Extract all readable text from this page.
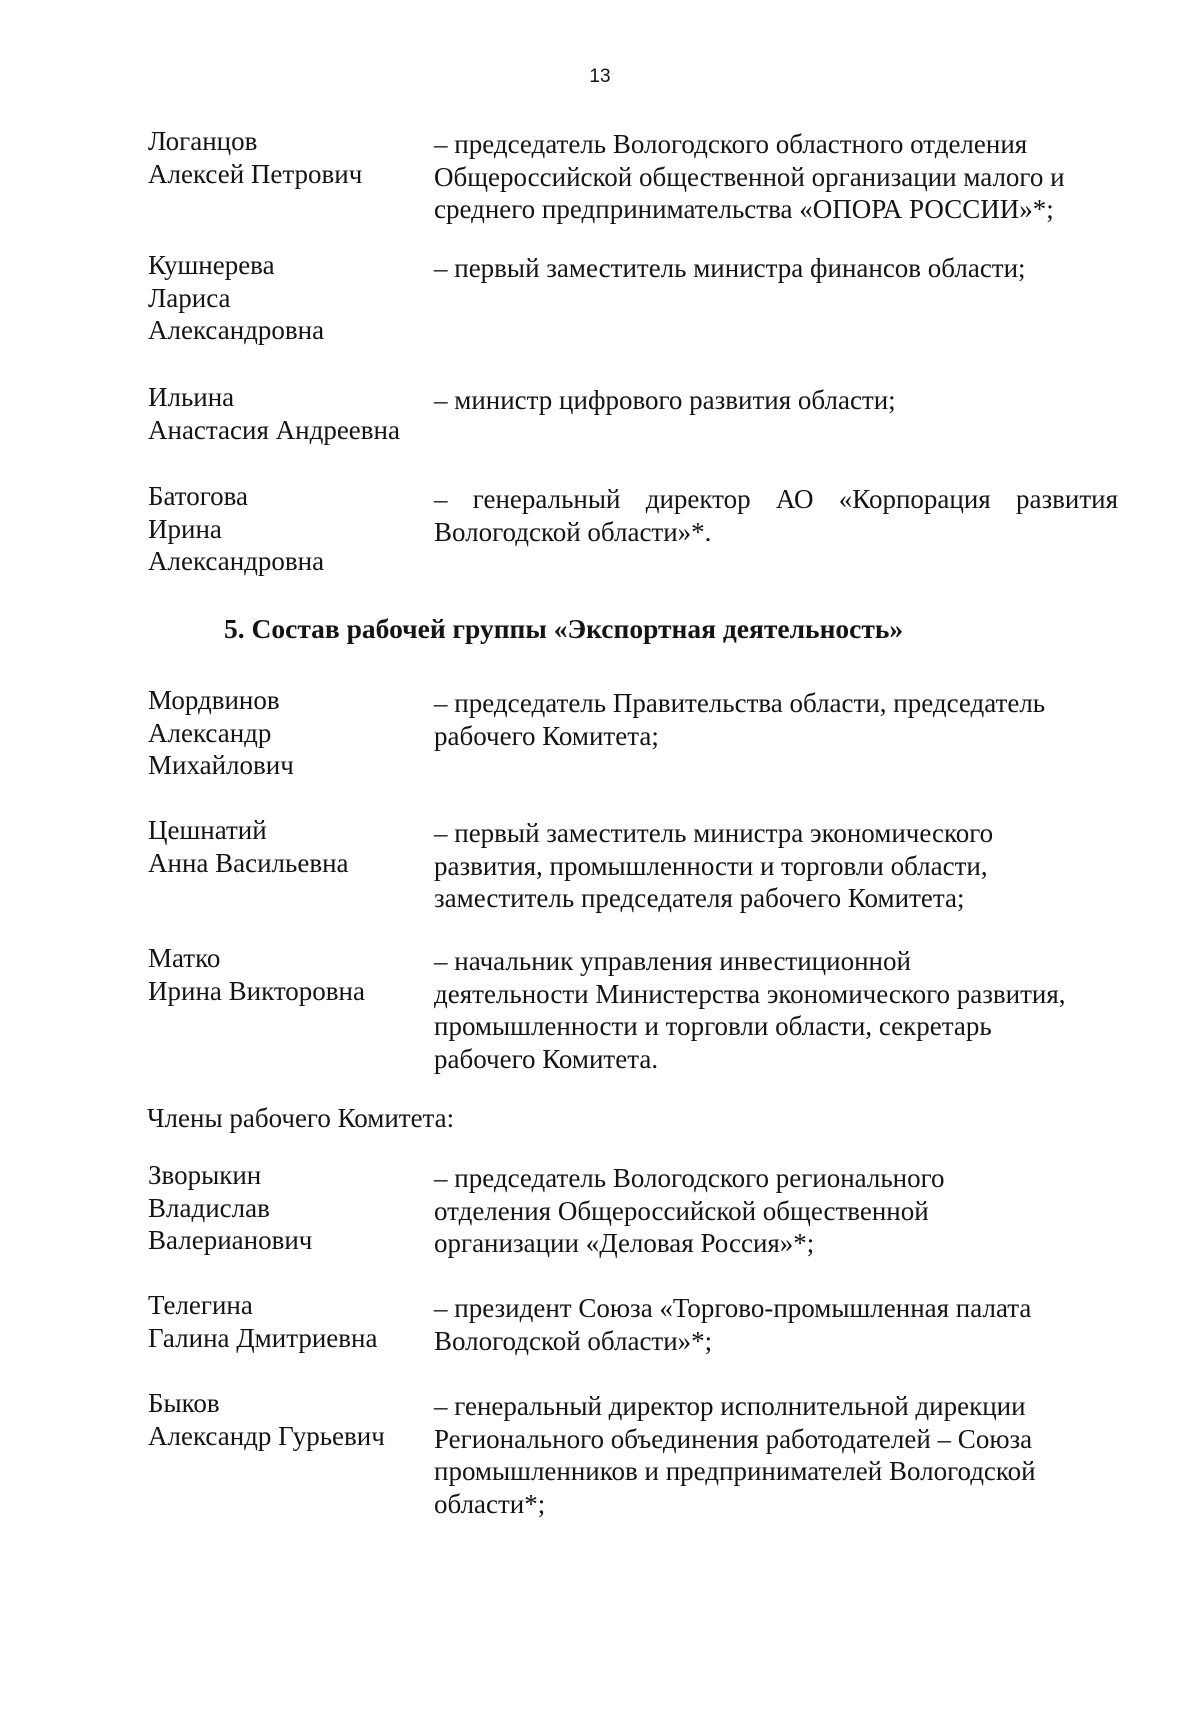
13
Логанцов
Алексей Петрович
– председатель Вологодского областного отделения
Общероссийской общественной организации малого и
среднего предпринимательства «ОПОРА РОССИИ»*;
Кушнерева
Лариса
Александровна
– первый заместитель министра финансов области;
Ильина
Анастасия Андреевна
– министр цифрового развития области;
Батогова
Ирина
Александровна
– генеральный директор АО «Корпорация развития
Вологодской области»*.
5. Состав рабочей группы «Экспортная деятельность»
Мордвинов
Александр
Михайлович
– председатель Правительства области, председатель
рабочего Комитета;
Цешнатий
Анна Васильевна
– первый заместитель министра экономического
развития, промышленности и торговли области,
заместитель председателя рабочего Комитета;
Матко
Ирина Викторовна
– начальник управления инвестиционной
деятельности Министерства экономического развития,
промышленности и торговли области, секретарь
рабочего Комитета.
Члены рабочего Комитета:
Зворыкин
Владислав
Валерианович
– председатель Вологодского регионального
отделения Общероссийской общественной
организации «Деловая Россия»*;
Телегина
Галина Дмитриевна
– президент Союза «Торгово-промышленная палата
Вологодской области»*;
Быков
Александр Гурьевич
– генеральный директор исполнительной дирекции
Регионального объединения работодателей – Союза
промышленников и предпринимателей Вологодской
области*;
